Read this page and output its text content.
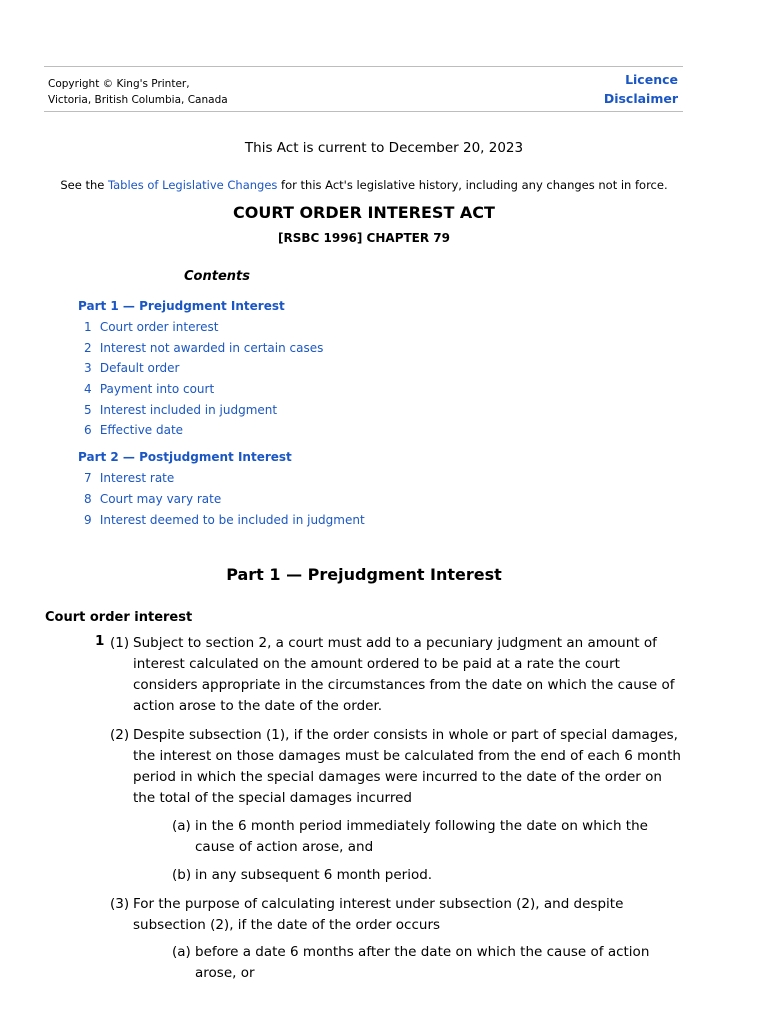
Copyright © King's Printer,
Victoria, British Columbia, Canada
Licence
Disclaimer
This Act is current to December 20, 2023
See the Tables of Legislative Changes for this Act's legislative history, including any changes not in force.
COURT ORDER INTEREST ACT
[RSBC 1996] CHAPTER 79
Contents
Part 1 — Prejudgment Interest
1 Court order interest
2 Interest not awarded in certain cases
3 Default order
4 Payment into court
5 Interest included in judgment
6 Effective date
Part 2 — Postjudgment Interest
7 Interest rate
8 Court may vary rate
9 Interest deemed to be included in judgment
Part 1 — Prejudgment Interest
Court order interest
1 (1) Subject to section 2, a court must add to a pecuniary judgment an amount of interest calculated on the amount ordered to be paid at a rate the court considers appropriate in the circumstances from the date on which the cause of action arose to the date of the order.
(2) Despite subsection (1), if the order consists in whole or part of special damages, the interest on those damages must be calculated from the end of each 6 month period in which the special damages were incurred to the date of the order on the total of the special damages incurred
(a) in the 6 month period immediately following the date on which the cause of action arose, and
(b) in any subsequent 6 month period.
(3) For the purpose of calculating interest under subsection (2), and despite subsection (2), if the date of the order occurs
(a) before a date 6 months after the date on which the cause of action arose, or
